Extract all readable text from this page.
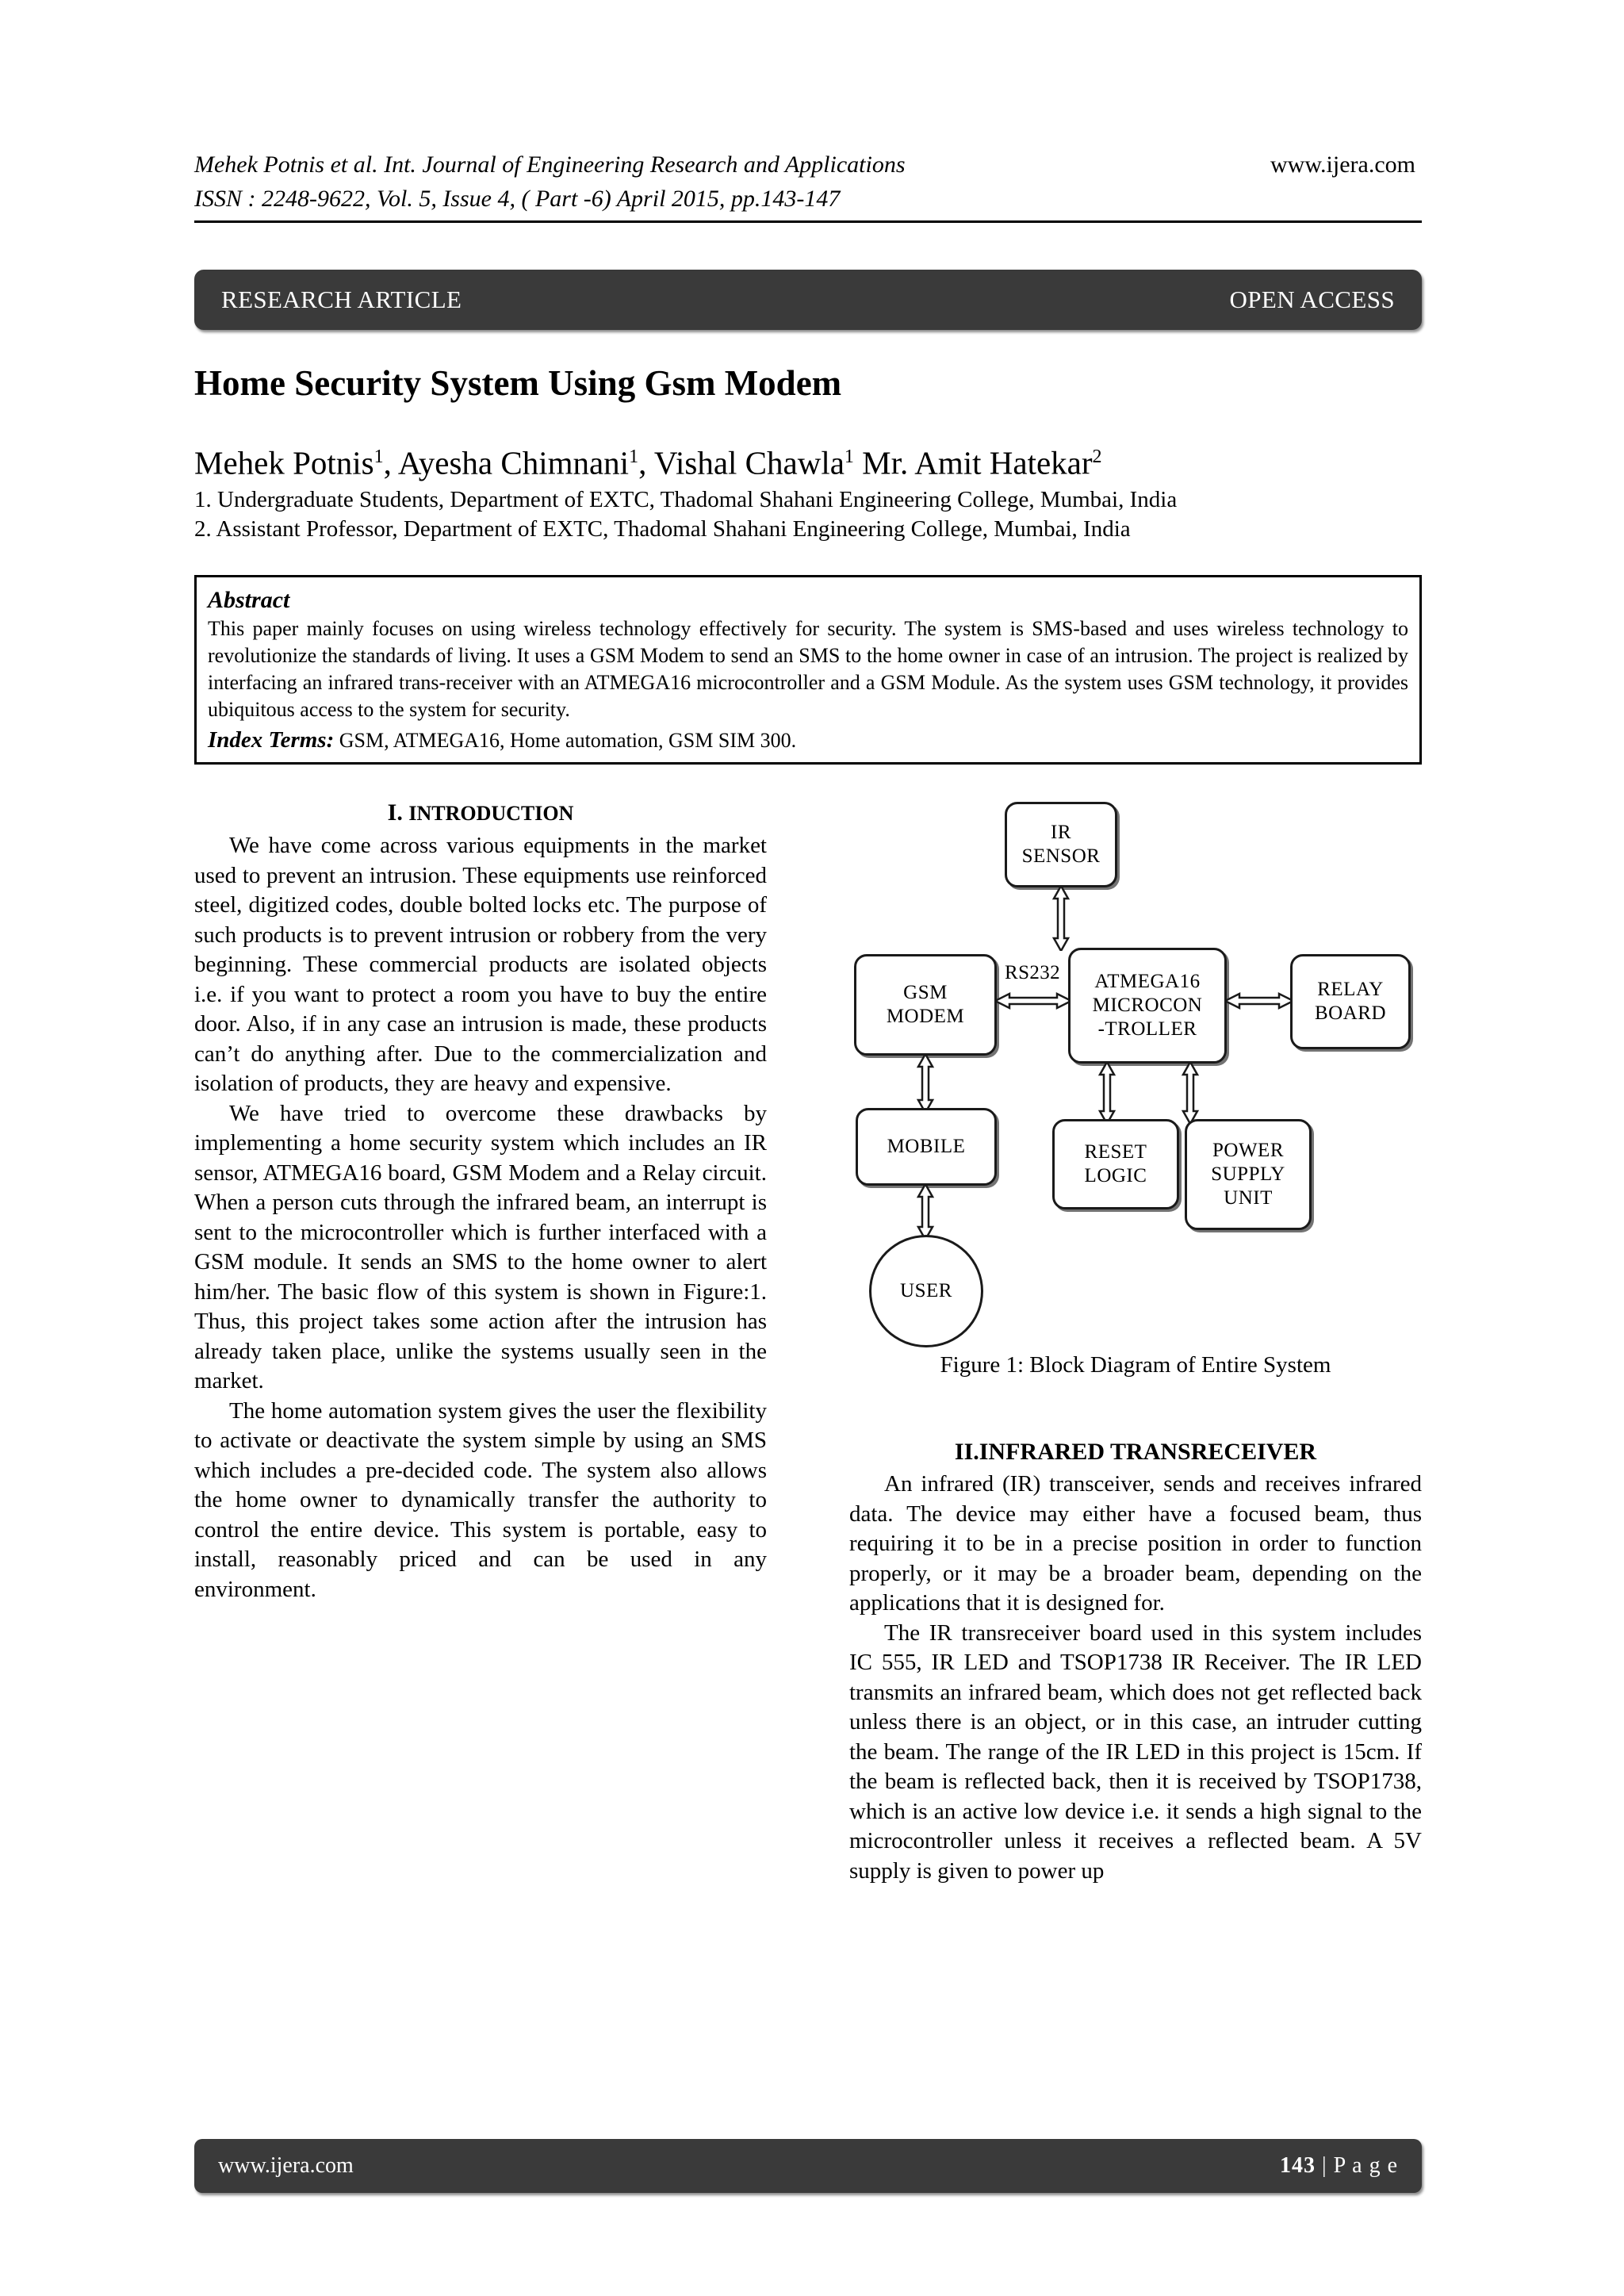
Mehek Potnis et al. Int. Journal of Engineering Research and Applications	www.ijera.com
ISSN : 2248-9622, Vol. 5, Issue 4, ( Part -6) April 2015, pp.143-147
RESEARCH ARTICLE	OPEN ACCESS
Home Security System Using Gsm Modem
Mehek Potnis$^1$, Ayesha Chimnani$^1$, Vishal Chawla$^1$ Mr. Amit Hatekar$^2$
1. Undergraduate Students, Department of EXTC, Thadomal Shahani Engineering College, Mumbai, India
2. Assistant Professor, Department of EXTC, Thadomal Shahani Engineering College, Mumbai, India
Abstract
This paper mainly focuses on using wireless technology effectively for security. The system is SMS-based and uses wireless technology to revolutionize the standards of living. It uses a GSM Modem to send an SMS to the home owner in case of an intrusion. The project is realized by interfacing an infrared trans-receiver with an ATMEGA16 microcontroller and a GSM Module. As the system uses GSM technology, it provides ubiquitous access to the system for security.
Index Terms: GSM, ATMEGA16, Home automation, GSM SIM 300.
I. INTRODUCTION

We have come across various equipments in the market used to prevent an intrusion. These equipments use reinforced steel, digitized codes, double bolted locks etc. The purpose of such products is to prevent intrusion or robbery from the very beginning. These commercial products are isolated objects i.e. if you want to protect a room you have to buy the entire door. Also, if in any case an intrusion is made, these products can’t do anything after. Due to the commercialization and isolation of products, they are heavy and expensive.

We have tried to overcome these drawbacks by implementing a home security system which includes an IR sensor, ATMEGA16 board, GSM Modem and a Relay circuit. When a person cuts through the infrared beam, an interrupt is sent to the microcontroller which is further interfaced with a GSM module. It sends an SMS to the home owner to alert him/her. The basic flow of this system is shown in Figure:1. Thus, this project takes some action after the intrusion has already taken place, unlike the systems usually seen in the market.

The home automation system gives the user the flexibility to activate or deactivate the system simple by using an SMS which includes a pre-decided code. The system also allows the home owner to dynamically transfer the authority to control the entire device. This system is portable, easy to install, reasonably priced and can be used in any environment.

IR
SENSOR
GSM
MODEM
RS232 ATMEGA16
MICROCON
-TROLLER
RELAY
BOARD
MOBILE	RESET
LOGIC
POWER
SUPPLY
UNIT
USER
Figure 1: Block Diagram of Entire System
II.INFRARED TRANSRECEIVER

An infrared (IR) transceiver, sends and receives infrared data. The device may either have a focused beam, thus requiring it to be in a precise position in order to function properly, or it may be a broader beam, depending on the applications that it is designed for.

The IR transreceiver board used in this system includes IC 555, IR LED and TSOP1738 IR Receiver. The IR LED transmits an infrared beam, which does not get reflected back unless there is an object, or in this case, an intruder cutting the beam. The range of the IR LED in this project is 15cm. If the beam is reflected back, then it is received by TSOP1738, which is an active low device i.e. it sends a high signal to the microcontroller unless it receives a reflected beam. A 5V supply is given to power up

www.ijera.com	143 | P a g e
